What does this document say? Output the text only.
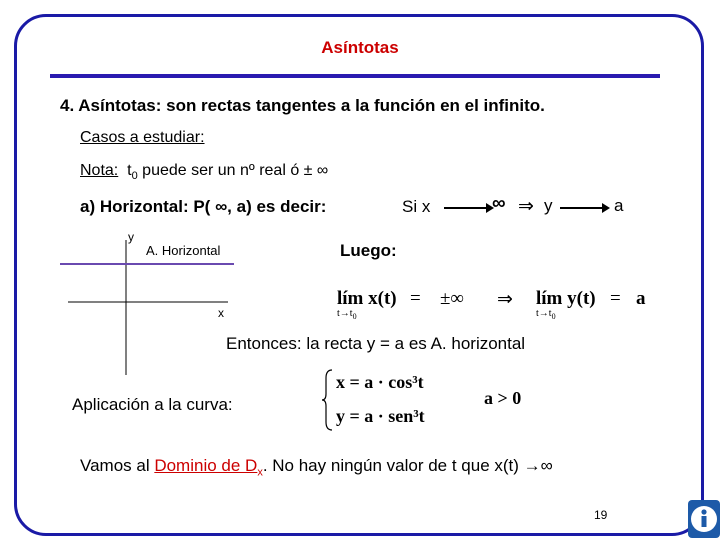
Asíntotas
4. Asíntotas: son rectas tangentes a la función en el infinito.
Casos a estudiar:
Nota: $t_0$ puede ser un nº real ó ± ∞
a) Horizontal: P( ∞, a) es decir:	Si x	∞ ⇒ y	a
y
A. Horizontal
x
Luego:
lím x(t)
$t\to t_0$
= ±∞ ⇒ lím y(t)
$t\to t_0$
= a
Entonces: la recta y = a es A. horizontal
Aplicación a la curva:
x = a · cos³t
y = a · sen³t
a > 0
Vamos al Dominio de $D_x$. No hay ningún valor de t que x(t) →∞
19
